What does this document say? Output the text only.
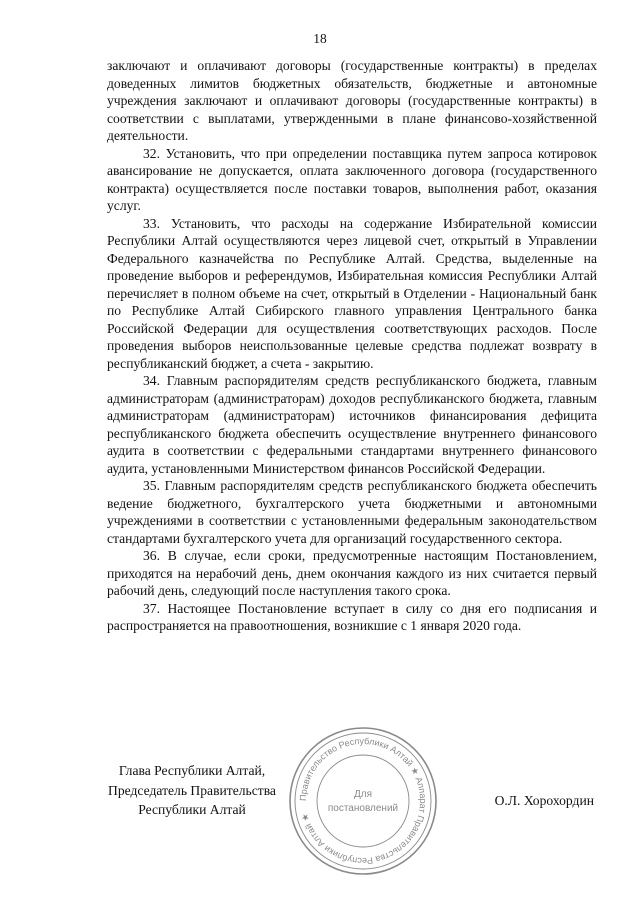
18

заключают и оплачивают договоры (государственные контракты) в пределах доведенных лимитов бюджетных обязательств, бюджетные и автономные учреждения заключают и оплачивают договоры (государственные контракты) в соответствии с выплатами, утвержденными в плане финансово-хозяйственной деятельности.

32. Установить, что при определении поставщика путем запроса котировок авансирование не допускается, оплата заключенного договора (государственного контракта) осуществляется после поставки товаров, выполнения работ, оказания услуг.

33. Установить, что расходы на содержание Избирательной комиссии Республики Алтай осуществляются через лицевой счет, открытый в Управлении Федерального казначейства по Республике Алтай. Средства, выделенные на проведение выборов и референдумов, Избирательная комиссия Республики Алтай перечисляет в полном объеме на счет, открытый в Отделении - Национальный банк по Республике Алтай Сибирского главного управления Центрального банка Российской Федерации для осуществления соответствующих расходов. После проведения выборов неиспользованные целевые средства подлежат возврату в республиканский бюджет, а счета - закрытию.

34. Главным распорядителям средств республиканского бюджета, главным администраторам (администраторам) доходов республиканского бюджета, главным администраторам (администраторам) источников финансирования дефицита республиканского бюджета обеспечить осуществление внутреннего финансового аудита в соответствии с федеральными стандартами внутреннего финансового аудита, установленными Министерством финансов Российской Федерации.

35. Главным распорядителям средств республиканского бюджета обеспечить ведение бюджетного, бухгалтерского учета бюджетными и автономными учреждениями в соответствии с установленными федеральным законодательством стандартами бухгалтерского учета для организаций государственного сектора.

36. В случае, если сроки, предусмотренные настоящим Постановлением, приходятся на нерабочий день, днем окончания каждого из них считается первый рабочий день, следующий после наступления такого срока.

37. Настоящее Постановление вступает в силу со дня его подписания и распространяется на правоотношения, возникшие с 1 января 2020 года.

Глава Республики Алтай,
Председатель Правительства
Республики Алтай
О.Л. Хорохордин
Правительство Республики Алтай ★ Аппарат Правительства Республики Алтай ★
Для
постановлений
